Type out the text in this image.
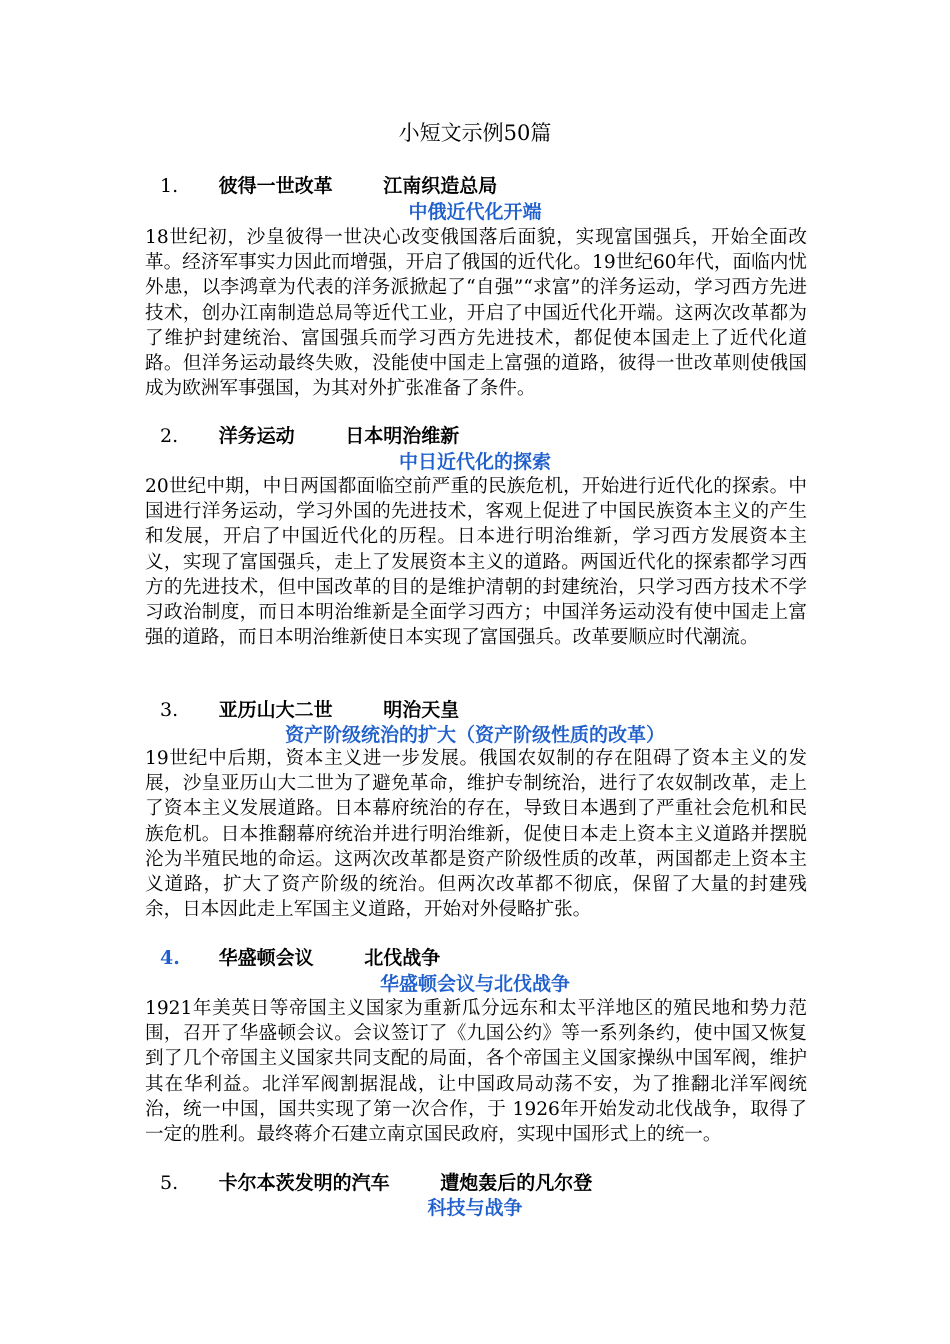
小短文示例50篇
1. 彼得一世改革	江南织造总局
中俄近代化开端

18世纪初，沙皇彼得一世决心改变俄国落后面貌，实现富国强兵，开始全面改革。经济军事实力因此而增强，开启了俄国的近代化。19世纪60年代，面临内忧外患，以李鸿章为代表的洋务派掀起了“自强”“求富”的洋务运动，学习西方先进技术，创办江南制造总局等近代工业，开启了中国近代化开端。这两次改革都为了维护封建统治、富国强兵而学习西方先进技术，都促使本国走上了近代化道路。但洋务运动最终失败，没能使中国走上富强的道路，彼得一世改革则使俄国成为欧洲军事强国，为其对外扩张准备了条件。

2. 洋务运动	日本明治维新
中日近代化的探索

20世纪中期，中日两国都面临空前严重的民族危机，开始进行近代化的探索。中国进行洋务运动，学习外国的先进技术，客观上促进了中国民族资本主义的产生和发展，开启了中国近代化的历程。日本进行明治维新，学习西方发展资本主义，实现了富国强兵，走上了发展资本主义的道路。两国近代化的探索都学习西方的先进技术，但中国改革的目的是维护清朝的封建统治，只学习西方技术不学习政治制度，而日本明治维新是全面学习西方；中国洋务运动没有使中国走上富强的道路，而日本明治维新使日本实现了富国强兵。改革要顺应时代潮流。

3. 亚历山大二世	明治天皇
资产阶级统治的扩大（资产阶级性质的改革）

19世纪中后期，资本主义进一步发展。俄国农奴制的存在阻碍了资本主义的发展，沙皇亚历山大二世为了避免革命，维护专制统治，进行了农奴制改革，走上了资本主义发展道路。日本幕府统治的存在，导致日本遇到了严重社会危机和民族危机。日本推翻幕府统治并进行明治维新，促使日本走上资本主义道路并摆脱沦为半殖民地的命运。这两次改革都是资产阶级性质的改革，两国都走上资本主义道路，扩大了资产阶级的统治。但两次改革都不彻底，保留了大量的封建残余，日本因此走上军国主义道路，开始对外侵略扩张。

4. 华盛顿会议	北伐战争
华盛顿会议与北伐战争

1921年美英日等帝国主义国家为重新瓜分远东和太平洋地区的殖民地和势力范围，召开了华盛顿会议。会议签订了《九国公约》等一系列条约，使中国又恢复到了几个帝国主义国家共同支配的局面，各个帝国主义国家操纵中国军阀，维护其在华利益。北洋军阀割据混战，让中国政局动荡不安，为了推翻北洋军阀统治，统一中国，国共实现了第一次合作，于 1926年开始发动北伐战争，取得了一定的胜利。最终蒋介石建立南京国民政府，实现中国形式上的统一。

5. 卡尔本茨发明的汽车	遭炮轰后的凡尔登
科技与战争
